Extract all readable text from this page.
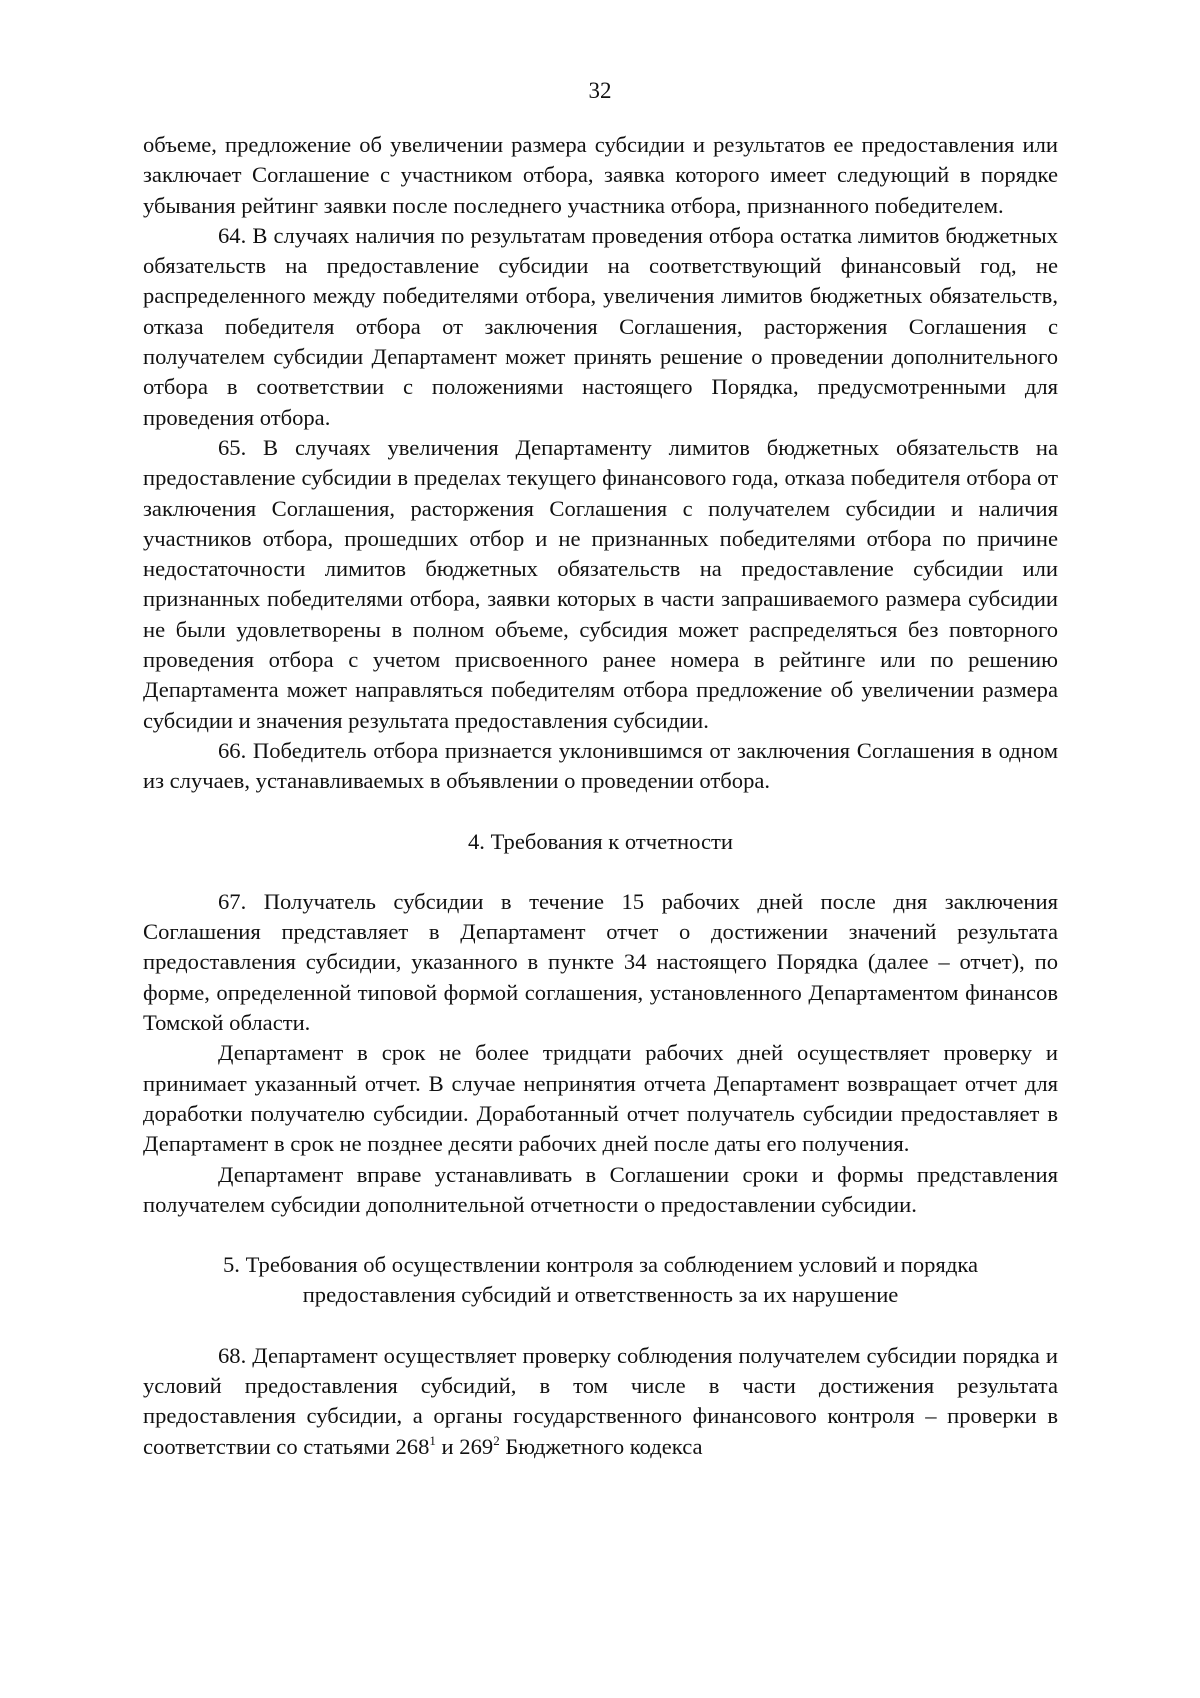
32

объеме, предложение об увеличении размера субсидии и результатов ее предоставления или заключает Соглашение с участником отбора, заявка которого имеет следующий в порядке убывания рейтинг заявки после последнего участника отбора, признанного победителем.

64. В случаях наличия по результатам проведения отбора остатка лимитов бюджетных обязательств на предоставление субсидии на соответствующий финансовый год, не распределенного между победителями отбора, увеличения лимитов бюджетных обязательств, отказа победителя отбора от заключения Соглашения, расторжения Соглашения с получателем субсидии Департамент может принять решение о проведении дополнительного отбора в соответствии с положениями настоящего Порядка, предусмотренными для проведения отбора.

65. В случаях увеличения Департаменту лимитов бюджетных обязательств на предоставление субсидии в пределах текущего финансового года, отказа победителя отбора от заключения Соглашения, расторжения Соглашения с получателем субсидии и наличия участников отбора, прошедших отбор и не признанных победителями отбора по причине недостаточности лимитов бюджетных обязательств на предоставление субсидии или признанных победителями отбора, заявки которых в части запрашиваемого размера субсидии не были удовлетворены в полном объеме, субсидия может распределяться без повторного проведения отбора с учетом присвоенного ранее номера в рейтинге или по решению Департамента может направляться победителям отбора предложение об увеличении размера субсидии и значения результата предоставления субсидии.

66. Победитель отбора признается уклонившимся от заключения Соглашения в одном из случаев, устанавливаемых в объявлении о проведении отбора.

4. Требования к отчетности

67. Получатель субсидии в течение 15 рабочих дней после дня заключения Соглашения представляет в Департамент отчет о достижении значений результата предоставления субсидии, указанного в пункте 34 настоящего Порядка (далее – отчет), по форме, определенной типовой формой соглашения, установленного Департаментом финансов Томской области.

Департамент в срок не более тридцати рабочих дней осуществляет проверку и принимает указанный отчет. В случае непринятия отчета Департамент возвращает отчет для доработки получателю субсидии. Доработанный отчет получатель субсидии предоставляет в Департамент в срок не позднее десяти рабочих дней после даты его получения.

Департамент вправе устанавливать в Соглашении сроки и формы представления получателем субсидии дополнительной отчетности о предоставлении субсидии.

5. Требования об осуществлении контроля за соблюдением условий и порядка

предоставления субсидий и ответственность за их нарушение

68. Департамент осуществляет проверку соблюдения получателем субсидии порядка и условий предоставления субсидий, в том числе в части достижения результата предоставления субсидии, а органы государственного финансового контроля – проверки в соответствии со статьями $268^1$ и $269^2$ Бюджетного кодекса
